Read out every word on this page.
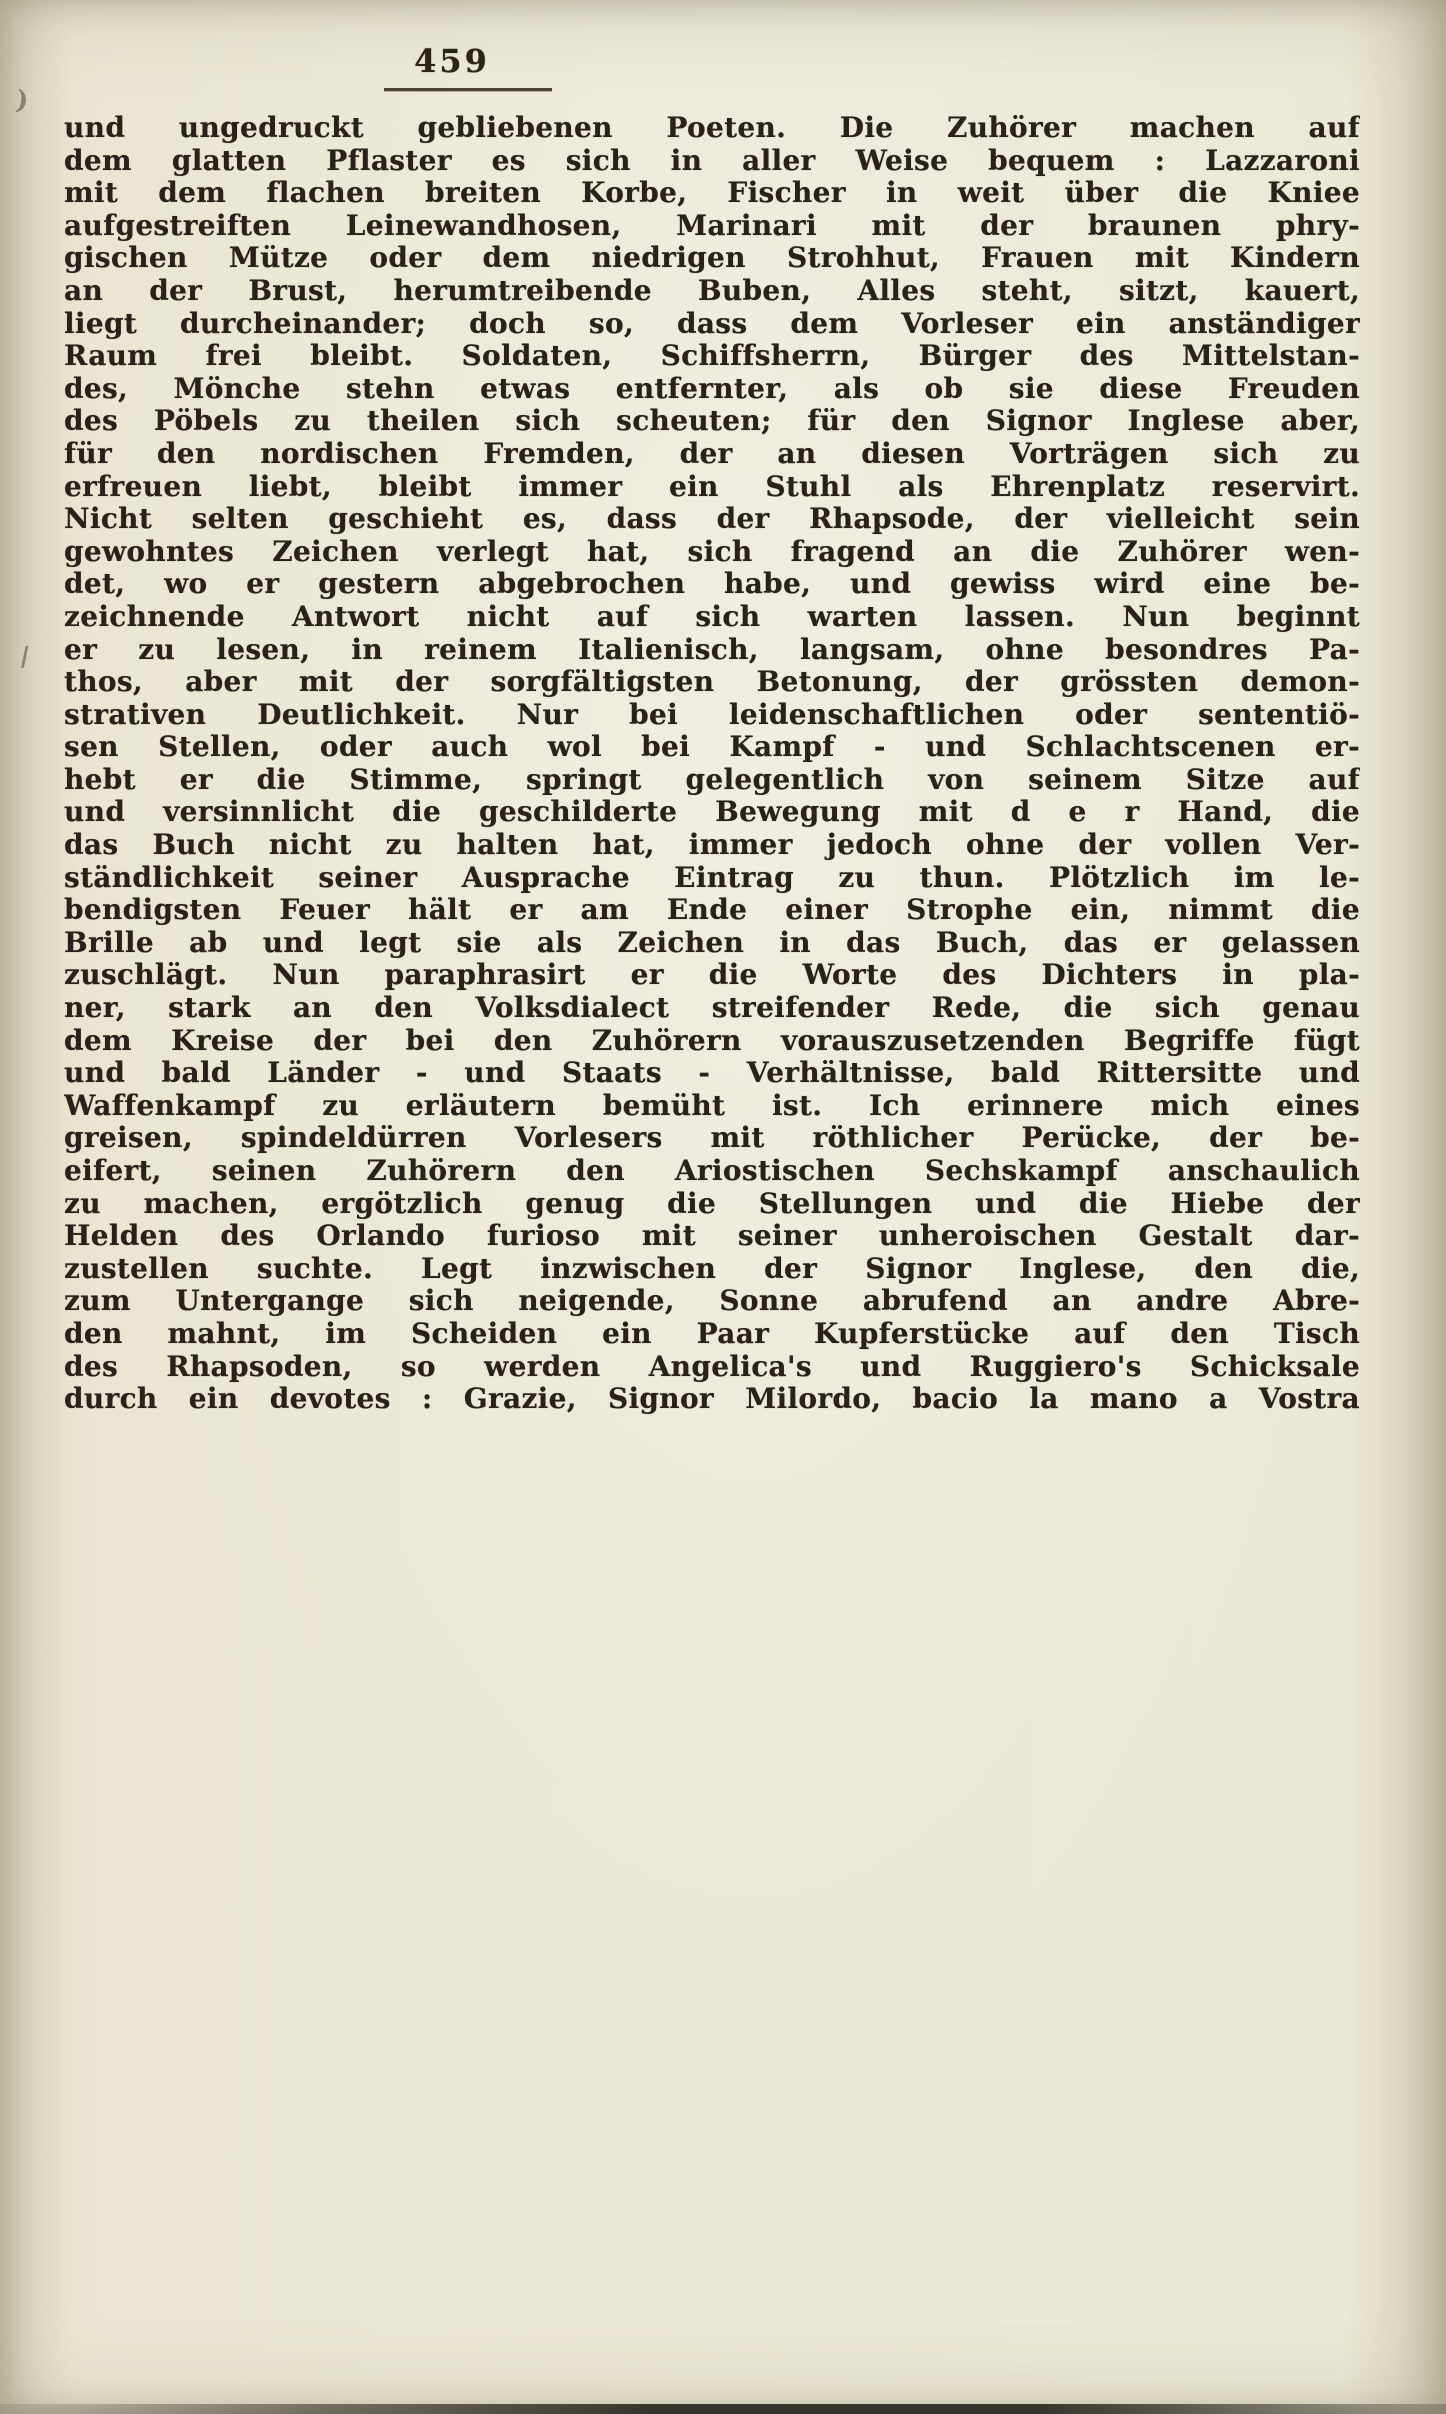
)
/
459
und ungedruckt gebliebenen Poeten. Die Zuhörer machen auf
dem glatten Pflaster es sich in aller Weise bequem : Lazzaroni
mit dem flachen breiten Korbe, Fischer in weit über die Kniee
aufgestreiften Leinewandhosen, Marinari mit der braunen phry-
gischen Mütze oder dem niedrigen Strohhut, Frauen mit Kindern
an der Brust, herumtreibende Buben, Alles steht, sitzt, kauert,
liegt durcheinander; doch so, dass dem Vorleser ein anständiger
Raum frei bleibt. Soldaten, Schiffsherrn, Bürger des Mittelstan-
des, Mönche stehn etwas entfernter, als ob sie diese Freuden
des Pöbels zu theilen sich scheuten; für den Signor Inglese aber,
für den nordischen Fremden, der an diesen Vorträgen sich zu
erfreuen liebt, bleibt immer ein Stuhl als Ehrenplatz reservirt.
Nicht selten geschieht es, dass der Rhapsode, der vielleicht sein
gewohntes Zeichen verlegt hat, sich fragend an die Zuhörer wen-
det, wo er gestern abgebrochen habe, und gewiss wird eine be-
zeichnende Antwort nicht auf sich warten lassen. Nun beginnt
er zu lesen, in reinem Italienisch, langsam, ohne besondres Pa-
thos, aber mit der sorgfältigsten Betonung, der grössten demon-
strativen Deutlichkeit. Nur bei leidenschaftlichen oder sententiö-
sen Stellen, oder auch wol bei Kampf - und Schlachtscenen er-
hebt er die Stimme, springt gelegentlich von seinem Sitze auf
und versinnlicht die geschilderte Bewegung mit d e r Hand, die
das Buch nicht zu halten hat, immer jedoch ohne der vollen Ver-
ständlichkeit seiner Ausprache Eintrag zu thun. Plötzlich im le-
bendigsten Feuer hält er am Ende einer Strophe ein, nimmt die
Brille ab und legt sie als Zeichen in das Buch, das er gelassen
zuschlägt. Nun paraphrasirt er die Worte des Dichters in pla-
ner, stark an den Volksdialect streifender Rede, die sich genau
dem Kreise der bei den Zuhörern vorauszusetzenden Begriffe fügt
und bald Länder - und Staats - Verhältnisse, bald Rittersitte und
Waffenkampf zu erläutern bemüht ist. Ich erinnere mich eines
greisen, spindeldürren Vorlesers mit röthlicher Perücke, der be-
eifert, seinen Zuhörern den Ariostischen Sechskampf anschaulich
zu machen, ergötzlich genug die Stellungen und die Hiebe der
Helden des Orlando furioso mit seiner unheroischen Gestalt dar-
zustellen suchte. Legt inzwischen der Signor Inglese, den die,
zum Untergange sich neigende, Sonne abrufend an andre Abre-
den mahnt, im Scheiden ein Paar Kupferstücke auf den Tisch
des Rhapsoden, so werden Angelica's und Ruggiero's Schicksale
durch ein devotes : Grazie, Signor Milordo, bacio la mano a Vostra
